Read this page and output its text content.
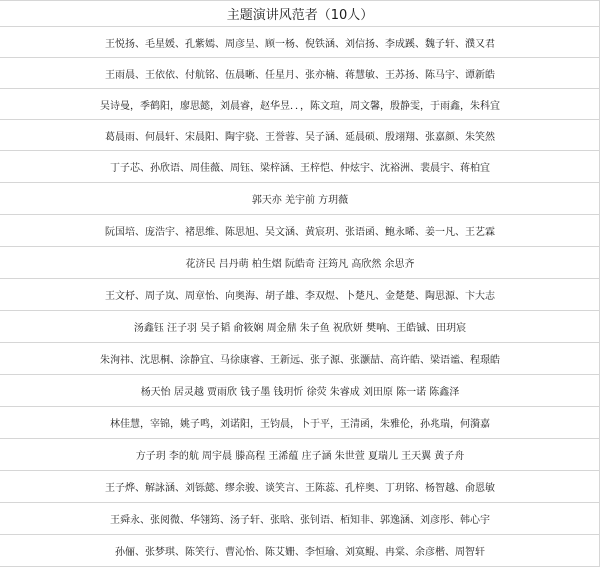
主题演讲风范者（10人）
王悦扬、毛星媛、孔紫嫣、周彦呈、顾一杨、倪铁涵、刘信扬、李成蹊、魏子轩、濮又君
王雨晨、王依依、付航铭、伍晨晰、任星月、张亦楠、蒋慧敏、王苏扬、陈马宇、谭新皓
吴诗曼，季鹤阳，廖思懿，刘晨睿，赵华昱．．，陈文瑄，周文馨，殷静雯，于雨鑫，朱科宜
葛晨雨、何晨轩、宋晨阳、陶宇骁、王誉蓉、吴子涵、延晨硕、殷翊翔、张嘉颜、朱笑然
丁子芯、孙欣语、周佳薇、周钰、梁梓涵、王梓恺、仲炫宇、沈裕洲、裴晨宇、蒋柏宜
郭天亦 羌宇前 方玥薇
阮国培、庞浩宇、褚思维、陈思旭、吴文涵、黄宸玥、张语函、鲍永晞、姜一凡、王艺霖
花济民 吕丹萌 柏生熠 阮皓奇 汪筠凡 高欣然 余思齐
王文杼、周子岚、周章怡、向奥海、胡子雄、李双煜、卜楚凡、金楚楚、陶思源、卞大志
汤鑫钰 汪子羽 吴子韬 俞筱娴 周金鼎 朱子鱼 祝欣妍 樊响、王皓铖、田玥宸
朱洵祎、沈思桐、涂静宜、马徐康睿、王新远、张子源、张灏喆、高许皓、梁语谧、程璟皓
杨天怡 居灵越 贾雨欣 钱子墨 钱玥忻 徐荧 朱睿成 刘田原 陈一诺 陈鑫泽
林佳慧，宰锦，姚子鸣，刘诺阳，王钧晨，卜于平，王清函，朱雅伦，孙兆瑞，何漪嘉
方子玥 李的航 周宇晨 滕高程 王浠蕴 庄子涵 朱世萱 夏瑞儿 王天翼 黄子舟
王子烨、解詠涵、刘铄懿、缪余骏、谈笑言、王陈蕊、孔梓奥、丁玥铭、杨智越、俞恩敏
王舜永、张阅微、华翎筠、汤子轩、张晗、张钊语、栢知非、郭逸涵、刘彦彤、韩心宇
孙俪、张梦琪、陈笑行、曹沁怡、陈艾姗、李恒瑜、刘寞鲲、冉棠、余彦楷、周智轩
